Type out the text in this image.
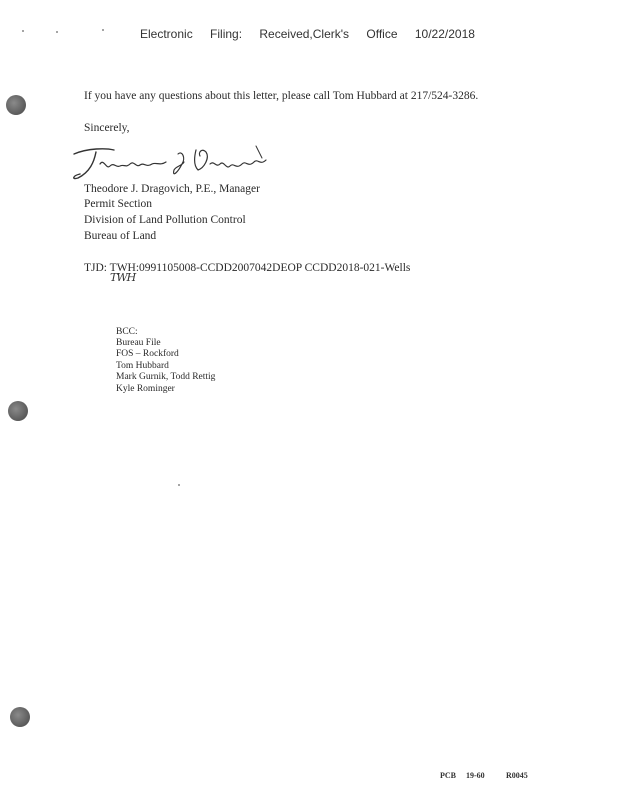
Electronic Filing: Received,Clerk's Office 10/22/2018
If you have any questions about this letter, please call Tom Hubbard at 217/524-3286.
Sincerely,
Theodore J. Dragovich, P.E., Manager
Permit Section
Division of Land Pollution Control
Bureau of Land
TJD: TWH:0991105008-CCDD2007042DEOP CCDD2018-021-Wells
TWH
BCC:
Bureau File
FOS – Rockford
Tom Hubbard
Mark Gurnik, Todd Rettig
Kyle Rominger
PCB 19-60	R0045
